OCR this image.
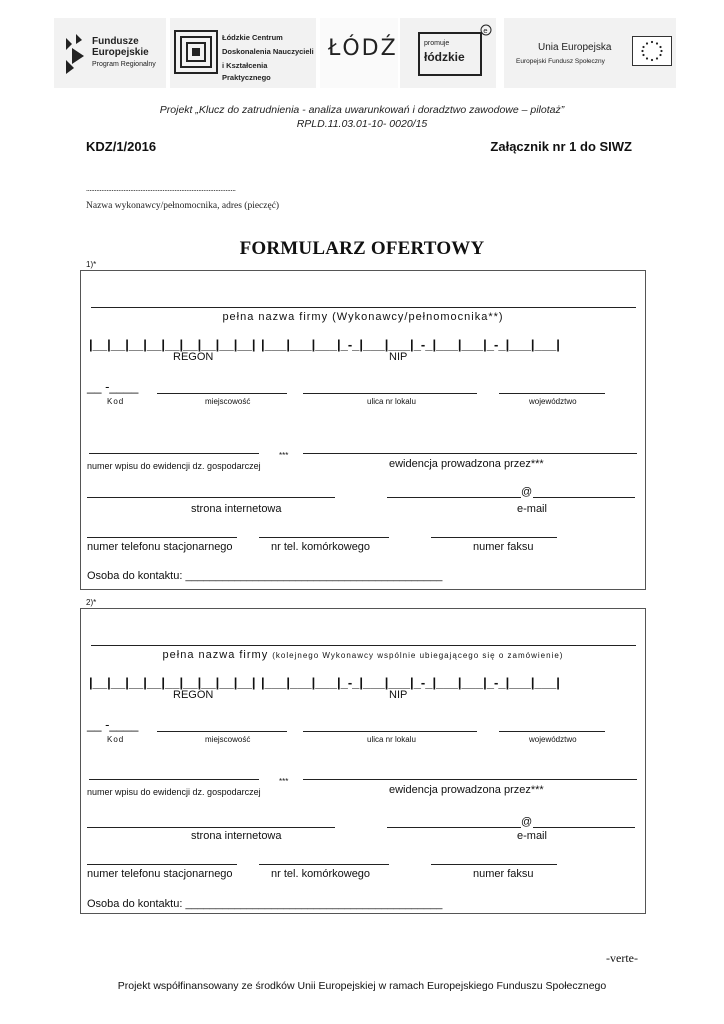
Fundusze
Europejskie
Program Regionalny
Łódzkie Centrum
Doskonalenia Nauczycieli
i Kształcenia Praktycznego
ŁÓDŹ	promuje
łódzkie
e
Unia Europejska
Europejski Fundusz Społeczny
Projekt „Klucz do zatrudnienia - analiza uwarunkowań i doradztwo zawodowe – pilotaż”
RPLD.11.03.01-10- 0020/15
KDZ/1/2016	Załącznik nr 1 do SIWZ
........................................................................................
Nazwa wykonawcy/pełnomocnika, adres (pieczęć)
FORMULARZ OFERTOWY
1)*
pełna nazwa firmy (Wykonawcy/pełnomocnika**)
|__|__|__|__|__|__|__|__|__| |___|___|___|_-_|___|___|_-_|___|___|_-_|___|___|
REGON	NIP
__ -____
Kod	miejscowość	ulica nr lokalu	województwo
***
numer wpisu do ewidencji dz. gospodarczej	ewidencja prowadzona przez***
@
strona internetowa	e-mail
numer telefonu stacjonarnego	nr tel. komórkowego	numer faksu
Osoba do kontaktu: __________________________________________
2)*
pełna nazwa firmy (kolejnego Wykonawcy wspólnie ubiegającego się o zamówienie)
|__|__|__|__|__|__|__|__|__| |___|___|___|_-_|___|___|_-_|___|___|_-_|___|___|
REGON	NIP
__ -____
Kod	miejscowość	ulica nr lokalu	województwo
***
numer wpisu do ewidencji dz. gospodarczej	ewidencja prowadzona przez***
@
strona internetowa	e-mail
numer telefonu stacjonarnego	nr tel. komórkowego	numer faksu
Osoba do kontaktu: __________________________________________
-verte-
Projekt współfinansowany ze środków Unii Europejskiej w ramach Europejskiego Funduszu Społecznego
